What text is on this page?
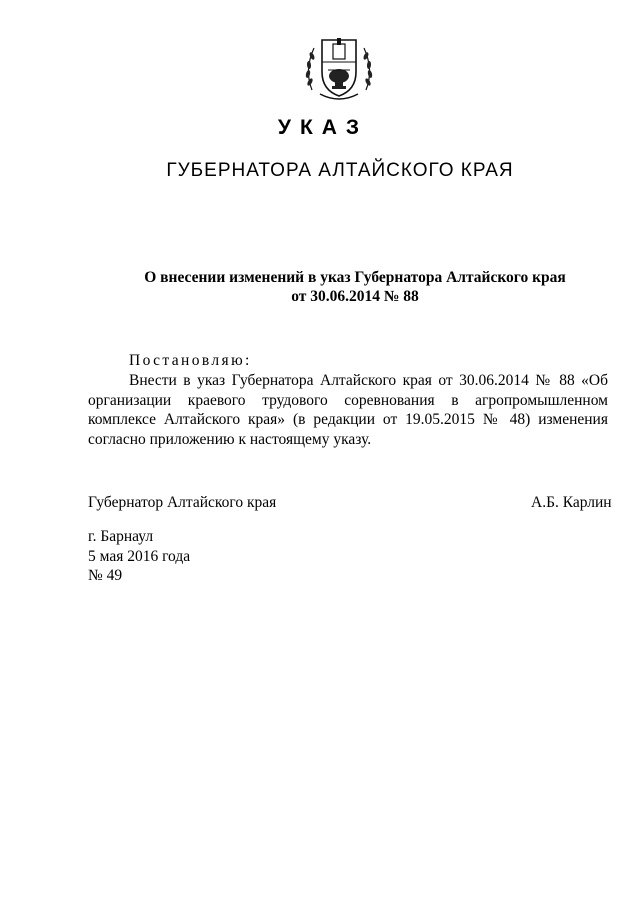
УКАЗ
ГУБЕРНАТОРА АЛТАЙСКОГО КРАЯ
О внесении изменений в указ Губернатора Алтайского края
от 30.06.2014 № 88
Постановляю:
Внести в указ Губернатора Алтайского края от 30.06.2014 № 88 «Об организации краевого трудового соревнования в агропромышленном комплексе Алтайского края» (в редакции от 19.05.2015 № 48) изменения согласно приложению к настоящему указу.
Губернатор Алтайского края	А.Б. Карлин
г. Барнаул
5 мая 2016 года
№ 49
